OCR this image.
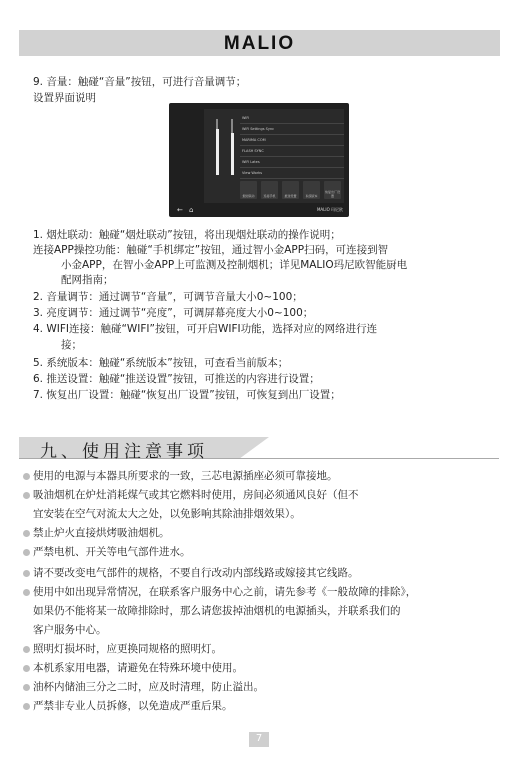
MALIO
9. 音量：触碰“音量”按钮，可进行音量调节；
设置界面说明
WiFi
WiFi Settings Sync
MARIMA COM
FLASH SYNC
WiFi Lates
View Works
烟灶联动	连接手机	推送设置	系统版本
恢复出厂设置
← ⌂	MALIO 玛尼欧
1. 烟灶联动：触碰“烟灶联动”按钮，将出现烟灶联动的操作说明；
连接APP操控功能：触碰“手机绑定”按钮，通过智小金APP扫码，可连接到智
小金APP，在智小金APP上可监测及控制烟机；详见MALIO玛尼欧智能厨电
配网指南；
2. 音量调节：通过调节“音量”，可调节音量大小0~100；
3. 亮度调节：通过调节“亮度”，可调屏幕亮度大小0~100；
4. WIFI连接：触碰“WIFI”按钮，可开启WIFI功能，选择对应的网络进行连
接；
5. 系统版本：触碰“系统版本”按钮，可查看当前版本；
6. 推送设置：触碰“推送设置”按钮，可推送的内容进行设置；
7. 恢复出厂设置：触碰“恢复出厂设置”按钮，可恢复到出厂设置；
九、使用注意事项
使用的电源与本器具所要求的一致，三芯电源插座必须可靠接地。
吸油烟机在炉灶消耗煤气或其它燃料时使用，房间必须通风良好（但不
宜安装在空气对流太大之处，以免影响其除油排烟效果）。
禁止炉火直接烘烤吸油烟机。
严禁电机、开关等电气部件进水。
请不要改变电气部件的规格，不要自行改动内部线路或嫁接其它线路。
使用中如出现异常情况，在联系客户服务中心之前，请先参考《一般故障的排除》，
如果仍不能将某一故障排除时，那么请您拔掉油烟机的电源插头，并联系我们的
客户服务中心。
照明灯损坏时，应更换同规格的照明灯。
本机系家用电器，请避免在特殊环境中使用。
油杯内储油三分之二时，应及时清理，防止溢出。
严禁非专业人员拆修，以免造成严重后果。
7
